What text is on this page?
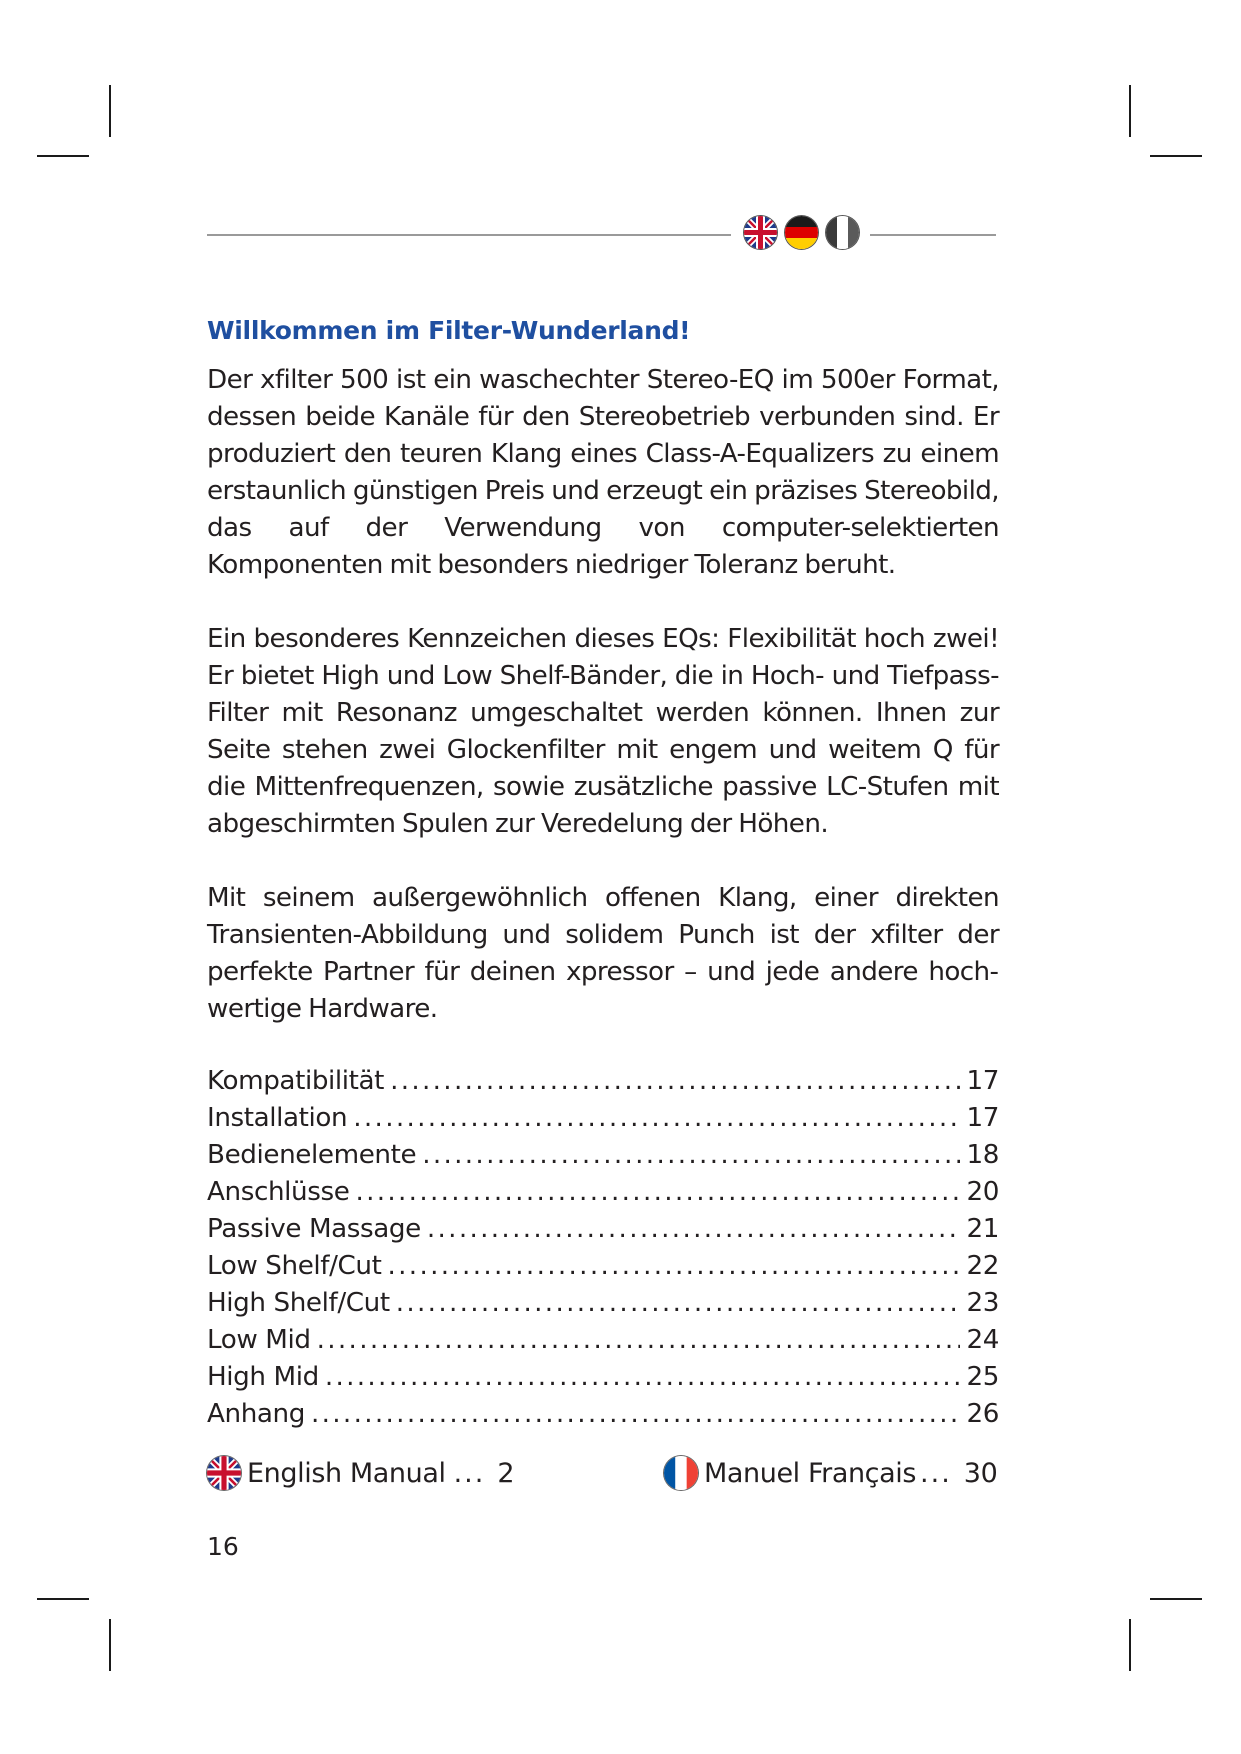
Willkommen im Filter-Wunderland!

Der xfilter 500 ist ein waschechter Stereo-EQ im 500er Format, dessen beide Kanäle für den Stereobetrieb verbunden sind. Er produziert den teuren Klang eines Class-A-Equalizers zu einem erstaunlich günstigen Preis und erzeugt ein präzises Stereobild, das auf der Verwendung von computer-selektierten Komponenten mit besonders niedriger Toleranz beruht.

Ein besonderes Kennzeichen dieses EQs: Flexibilität hoch zwei! Er bietet High und Low Shelf-Bänder, die in Hoch- und Tiefpass-Filter mit Resonanz umgeschaltet werden können. Ihnen zur Seite stehen zwei Glockenfilter mit engem und weitem Q für die Mittenfrequenzen, sowie zusätzliche passive LC-Stufen mit abgeschirmten Spulen zur Veredelung der Höhen.

Mit seinem außergewöhnlich offenen Klang, einer direkten Transienten-Abbildung und solidem Punch ist der xfilter der perfekte Partner für deinen xpressor – und jede andere hochwertige Hardware.

Kompatibilität . . .	17
Installation . . .	17
Bedienelemente . . .	18
Anschlüsse . . .	20
Passive Massage . . .	21
Low Shelf/Cut . . .	22
High Shelf/Cut . . .	23
Low Mid . . .	24
High Mid . . .	25
Anhang . . .	26
English Manual ... 2	Manuel Français ... 30
16
